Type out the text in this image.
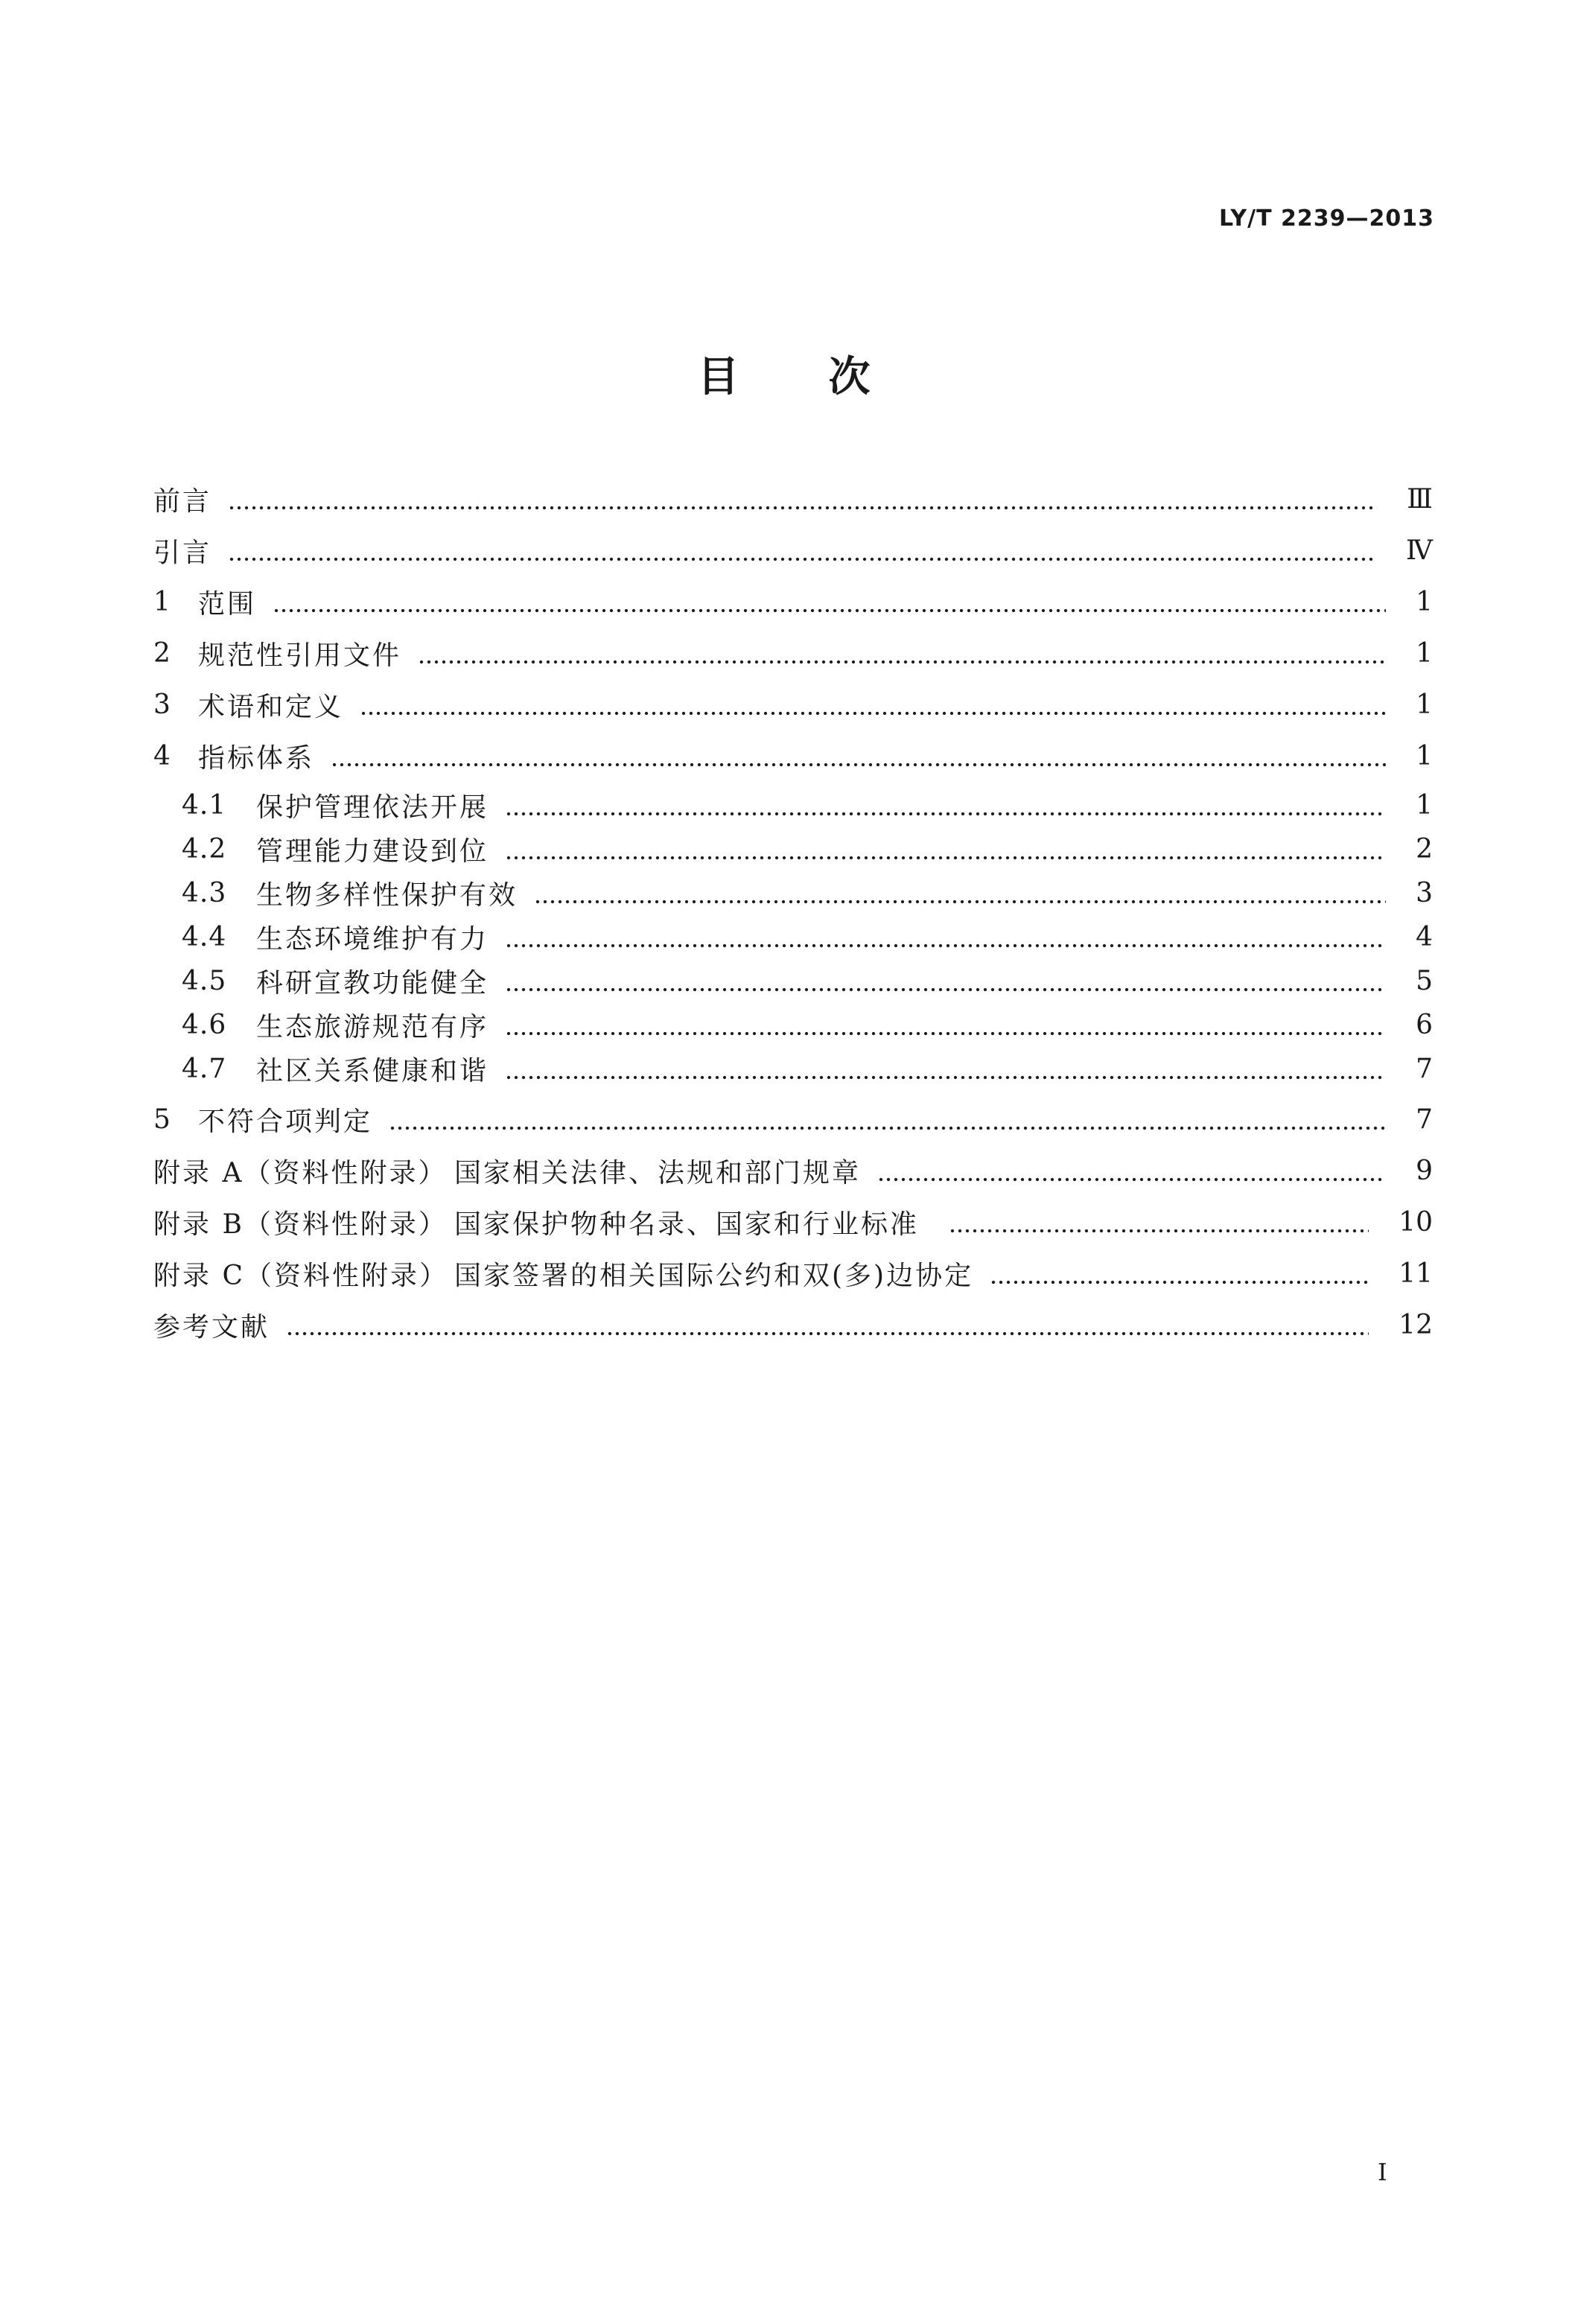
LY/T 2239—2013
目　次
前言	Ⅲ
引言	Ⅳ
1	范围	1
2	规范性引用文件	1
3	术语和定义	1
4	指标体系	1
4.1	保护管理依法开展	1
4.2	管理能力建设到位	2
4.3	生物多样性保护有效	3
4.4	生态环境维护有力	4
4.5	科研宣教功能健全	5
4.6	生态旅游规范有序	6
4.7	社区关系健康和谐	7
5	不符合项判定	7
附录 A（资料性附录） 国家相关法律、法规和部门规章	9
附录 B（资料性附录） 国家保护物种名录、国家和行业标准	10
附录 C（资料性附录） 国家签署的相关国际公约和双(多)边协定	11
参考文献	12
I
